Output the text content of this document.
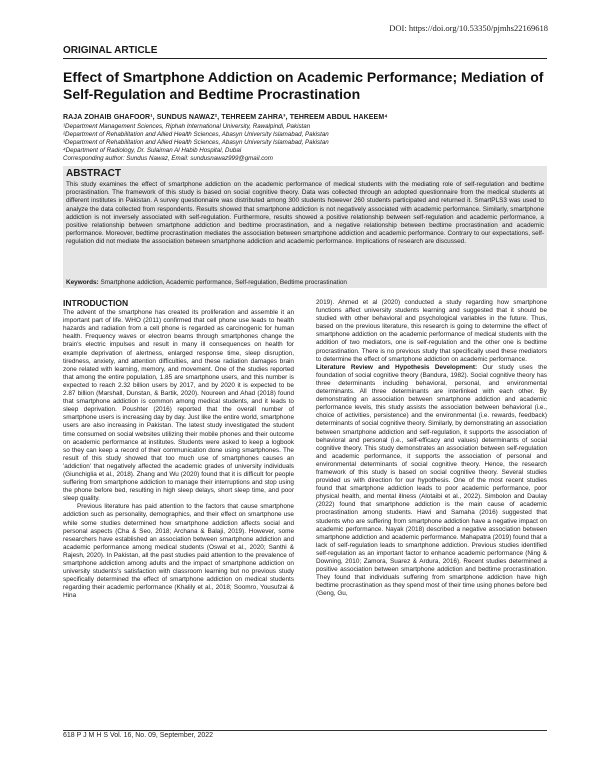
DOI: https://doi.org/10.53350/pjmhs22169618
ORIGINAL ARTICLE
Effect of Smartphone Addiction on Academic Performance; Mediation of Self-Regulation and Bedtime Procrastination
RAJA ZOHAIB GHAFOOR¹, SUNDUS NAWAZ², TEHREEM ZAHRA³, TEHREEM ABDUL HAKEEM⁴
¹Department Management Sciences, Riphah International University, Rawalpindi, Pakistan
²Department of Rehabilitation and Allied Health Sciences, Abasyn University Islamabad, Pakistan
³Department of Rehabilitation and Allied Health Sciences, Abasyn University Islamabad, Pakistan
⁴Department of Radiology, Dr. Sulaiman Al Habib Hospital, Dubai
Corresponding author: Sundus Nawaz, Email: sundusnawaz999@gmail.com
ABSTRACT
This study examines the effect of smartphone addiction on the academic performance of medical students with the mediating role of self-regulation and bedtime procrastination. The framework of this study is based on social cognitive theory. Data was collected through an adopted questionnaire from the medical students at different institutes in Pakistan. A survey questionnaire was distributed among 300 students however 260 students participated and returned it. SmartPLS3 was used to analyze the data collected from respondents. Results showed that smartphone addiction is not negatively associated with academic performance. Similarly, smartphone addiction is not inversely associated with self-regulation. Furthermore, results showed a positive relationship between self-regulation and academic performance, a positive relationship between smartphone addiction and bedtime procrastination, and a negative relationship between bedtime procrastination and academic performance. Moreover, bedtime procrastination mediates the association between smartphone addiction and academic performance. Contrary to our expectations, self-regulation did not mediate the association between smartphone addiction and academic performance. Implications of research are discussed.
Keywords: Smartphone addiction, Academic performance, Self-regulation, Bedtime procrastination
INTRODUCTION

The advent of the smartphone has created its proliferation and assemble it an important part of life. WHO (2011) confirmed that cell phone use leads to health hazards and radiation from a cell phone is regarded as carcinogenic for human health. Frequency waves or electron beams through smartphones change the brain's electric impulses and result in many ill consequences on health for example deprivation of alertness, enlarged response time, sleep disruption, tiredness, anxiety, and attention difficulties, and these radiation damages brain zone related with learning, memory, and movement. One of the studies reported that among the entire population, 1.85 are smartphone users, and this number is expected to reach 2.32 billion users by 2017, and by 2020 it is expected to be 2.87 billion (Marshall, Dunstan, & Bartik, 2020). Noureen and Ahad (2018) found that smartphone addiction is common among medical students, and it leads to sleep deprivation. Poushter (2016) reported that the overall number of smartphone users is increasing day by day. Just like the entire world, smartphone users are also increasing in Pakistan. The latest study investigated the student time consumed on social websites utilizing their mobile phones and their outcome on academic performance at institutes. Students were asked to keep a logbook so they can keep a record of their communication done using smartphones. The result of this study showed that too much use of smartphones causes an 'addiction' that negatively affected the academic grades of university individuals (Giunchiglia et al., 2018). Zhang and Wu (2020) found that it is difficult for people suffering from smartphone addiction to manage their interruptions and stop using the phone before bed, resulting in high sleep delays, short sleep time, and poor sleep quality.

Previous literature has paid attention to the factors that cause smartphone addiction such as personality, demographics, and their effect on smartphone use while some studies determined how smartphone addiction affects social and personal aspects (Cha & Seo, 2018; Archana & Balaji, 2019). However, some researchers have established an association between smartphone addiction and academic performance among medical students (Oswal et al., 2020; Santhi & Rajesh, 2020). In Pakistan, all the past studies paid attention to the prevalence of smartphone addiction among adults and the impact of smartphone addiction on university students's satisfaction with classroom learning but no previous study specifically determined the effect of smartphone addiction on medical students regarding their academic performance (Khalily et al., 2018; Soomro, Yousufzai & Hina

2019). Ahmed et al (2020) conducted a study regarding how smartphone functions affect university students learning and suggested that it should be studied with other behavioral and psychological variables in the future. Thus, based on the previous literature, this research is going to determine the effect of smartphone addiction on the academic performance of medical students with the addition of two mediators, one is self-regulation and the other one is bedtime procrastination. There is no previous study that specifically used these mediators to determine the effect of smartphone addiction on academic performance.

Literature Review and Hypothesis Development: Our study uses the foundation of social cognitive theory (Bandura, 1982). Social cognitive theory has three determinants including behavioral, personal, and environmental determinants. All three determinants are interlinked with each other. By demonstrating an association between smartphone addiction and academic performance levels, this study assists the association between behavioral (i.e., choice of activities, persistence) and the environmental (i.e. rewards, feedback) determinants of social cognitive theory. Similarly, by demonstrating an association between smartphone addiction and self-regulation, it supports the association of behavioral and personal (i.e., self-efficacy and values) determinants of social cognitive theory. This study demonstrates an association between self-regulation and academic performance, it supports the association of personal and environmental determinants of social cognitive theory. Hence, the research framework of this study is based on social cognitive theory. Several studies provided us with direction for our hypothesis. One of the most recent studies found that smartphone addiction leads to poor academic performance, poor physical health, and mental illness (Alotaibi et al., 2022). Simbolon and Daulay (2022) found that smartphone addiction is the main cause of academic procrastination among students. Hawi and Samaha (2016) suggested that students who are suffering from smartphone addiction have a negative impact on academic performance. Nayak (2018) described a negative association between smartphone addiction and academic performance. Mahapatra (2019) found that a lack of self-regulation leads to smartphone addiction. Previous studies identified self-regulation as an important factor to enhance academic performance (Ning & Downing, 2010; Zamora, Suarez & Ardura, 2016). Recent studies determined a positive association between smartphone addiction and bedtime procrastination. They found that individuals suffering from smartphone addiction have high bedtime procrastination as they spend most of their time using phones before bed (Geng, Gu,

618 P J M H S Vol. 16, No. 09, September, 2022
